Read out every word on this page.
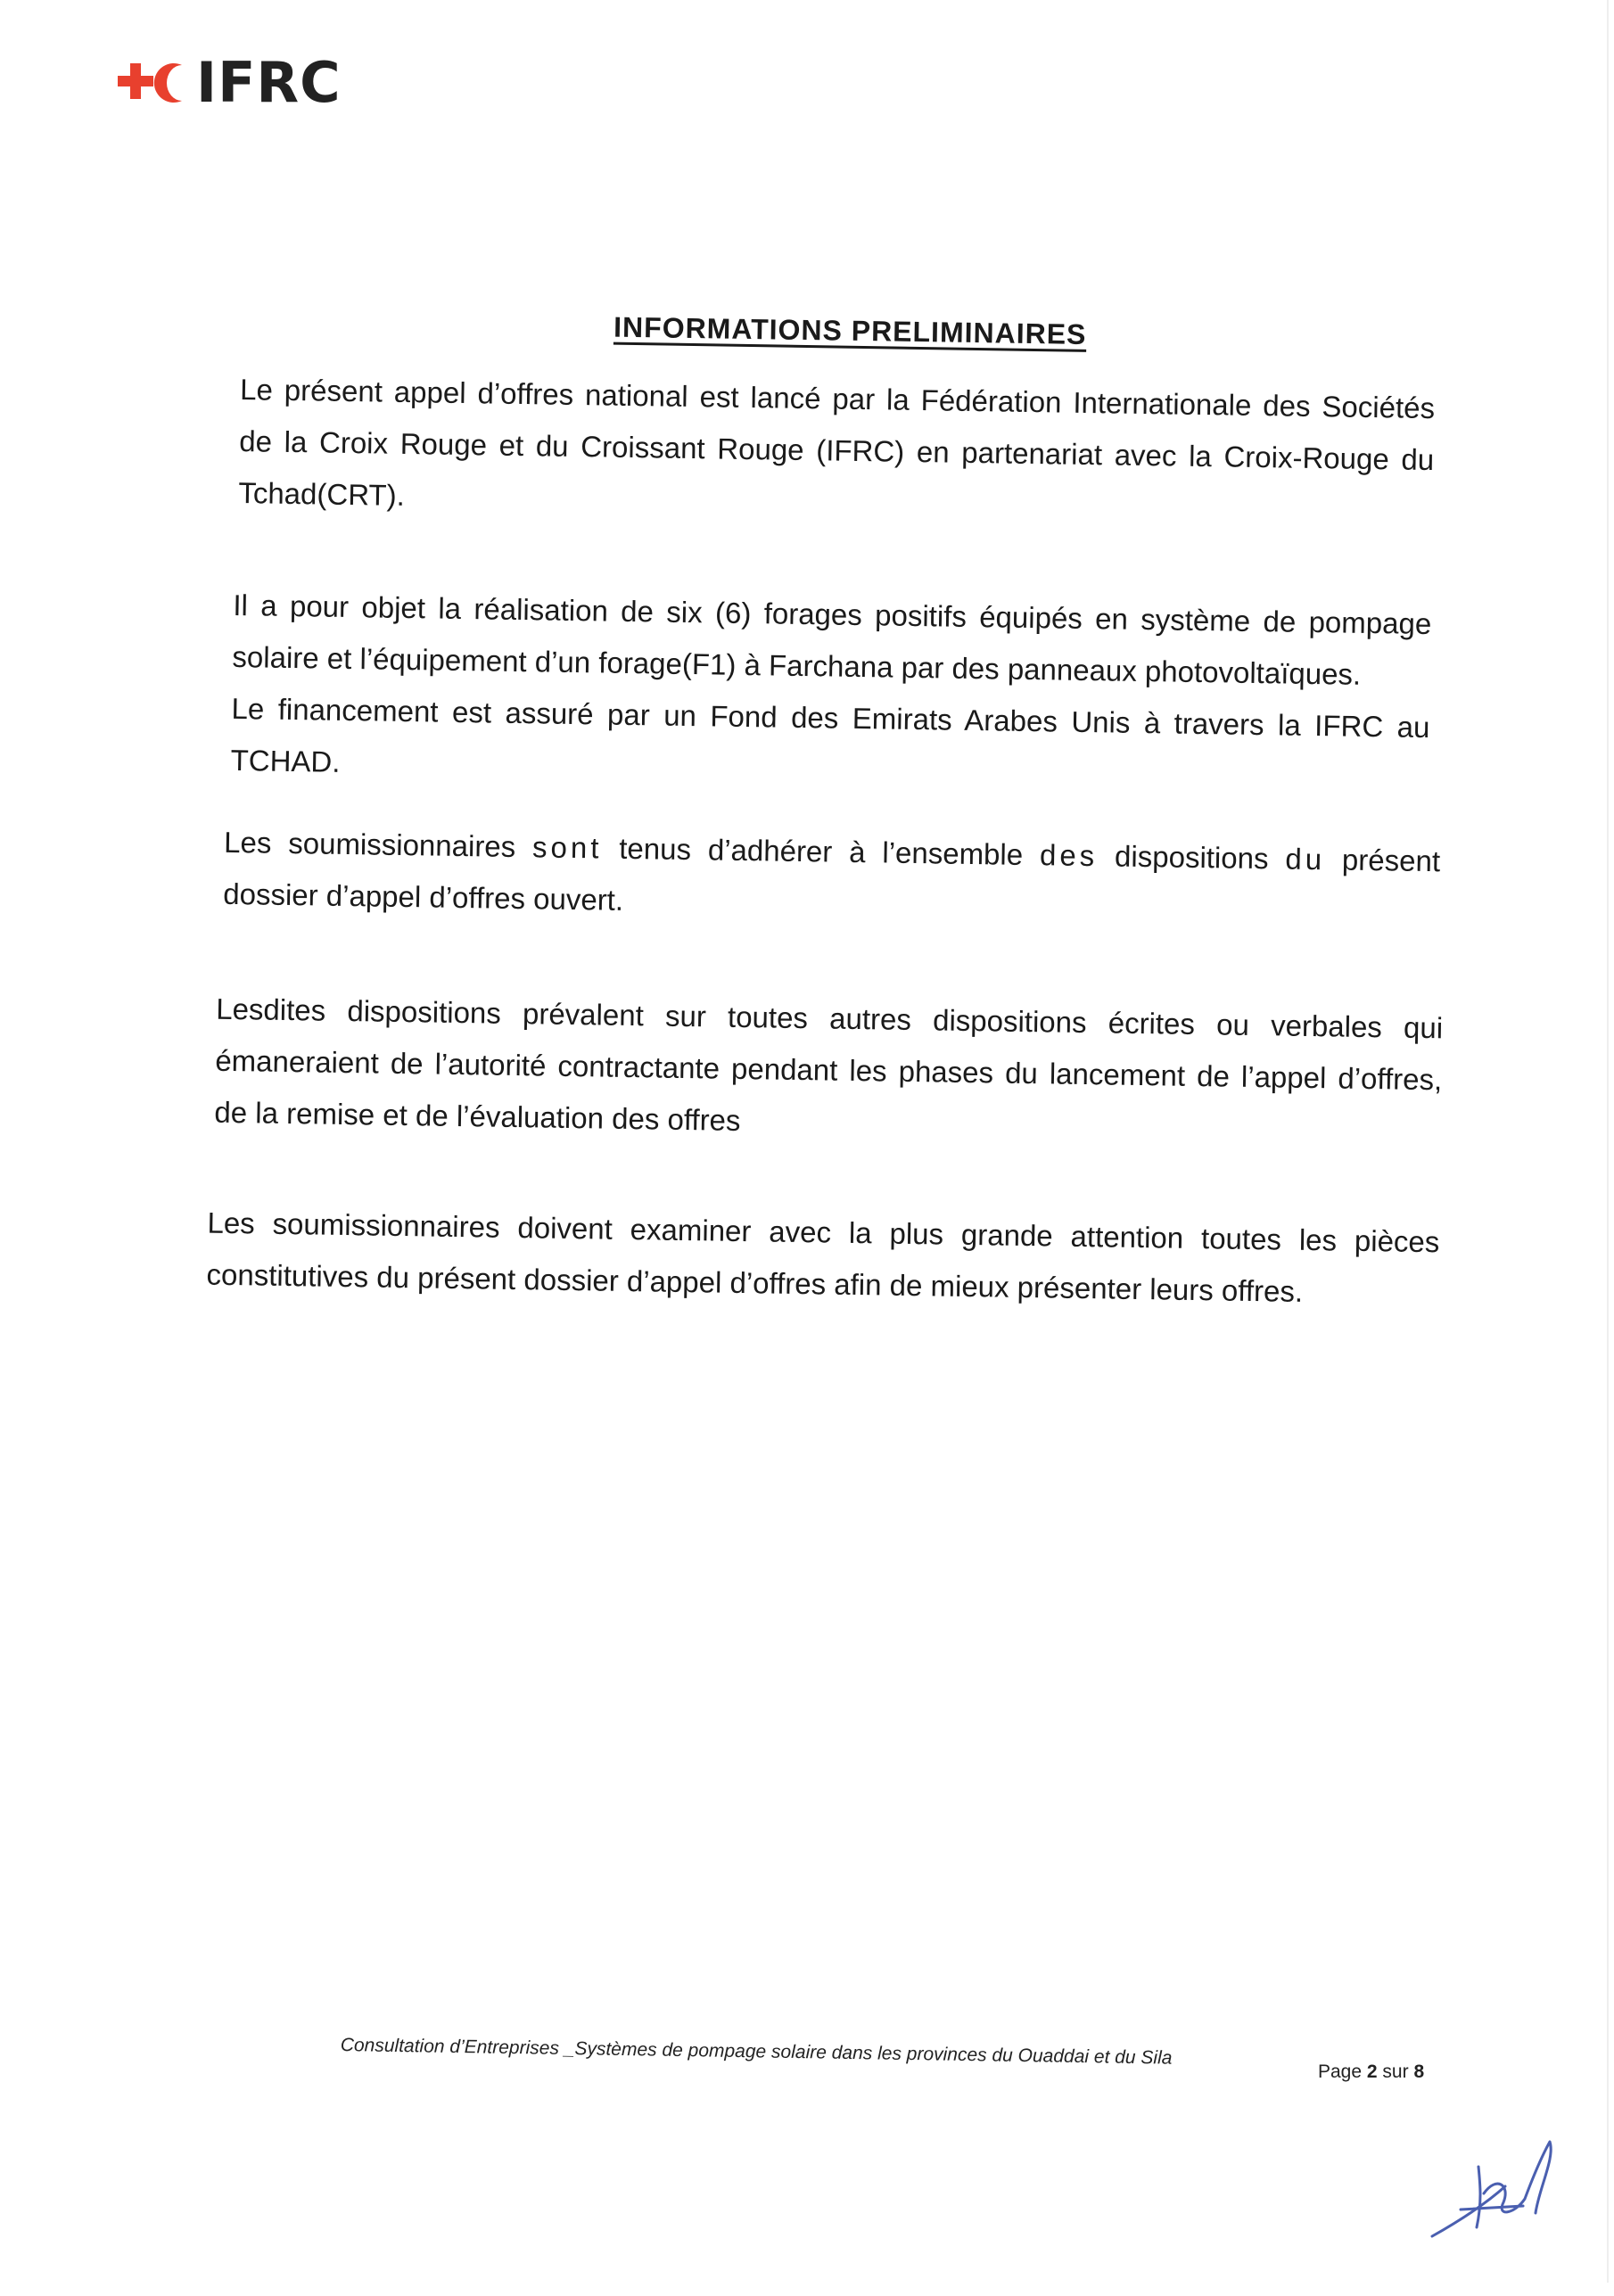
IFRC
INFORMATIONS PRELIMINAIRES

Le présent appel d’offres national est lancé par la Fédération Internationale des Sociétés de la Croix Rouge et du Croissant Rouge (IFRC) en partenariat avec la Croix-Rouge du Tchad(CRT).

Il a pour objet la réalisation de six (6) forages positifs équipés en système de pompage solaire et l’équipement d’un forage(F1) à Farchana par des panneaux photovoltaïques.
Le financement est assuré par un Fond des Emirats Arabes Unis à travers la IFRC au TCHAD.

Les soumissionnaires sont tenus d’adhérer à l’ensemble des dispositions du présent dossier d’appel d’offres ouvert.

Lesdites dispositions prévalent sur toutes autres dispositions écrites ou verbales qui émaneraient de l’autorité contractante pendant les phases du lancement de l’appel d’offres, de la remise et de l’évaluation des offres

Les soumissionnaires doivent examiner avec la plus grande attention toutes les pièces constitutives du présent dossier d’appel d’offres afin de mieux présenter leurs offres.

Consultation d’Entreprises _Systèmes de pompage solaire dans les provinces du Ouaddai et du Sila
Page 2 sur 8
